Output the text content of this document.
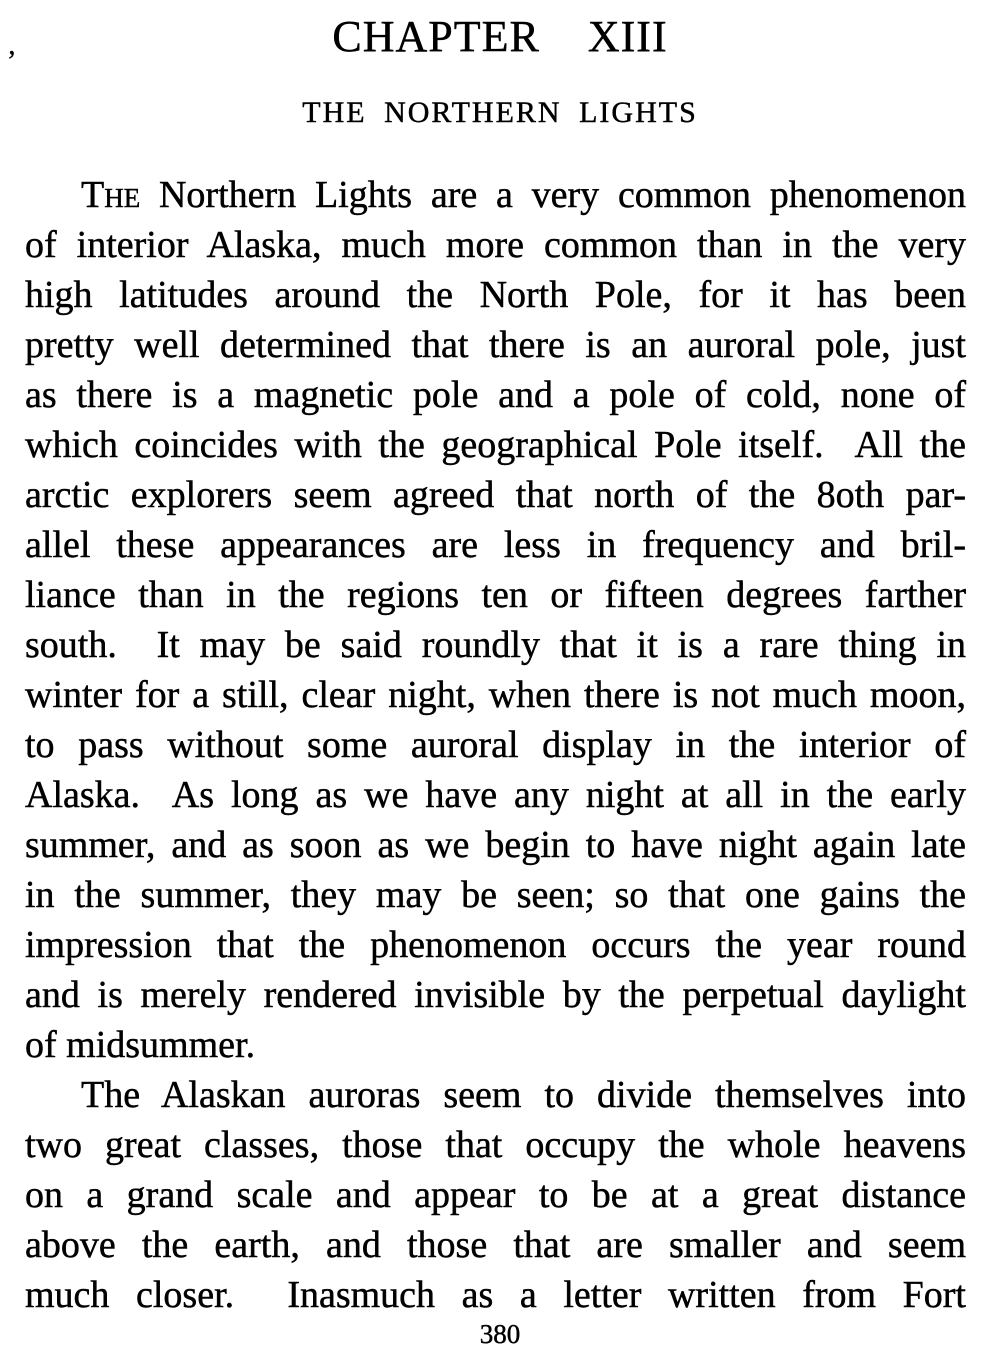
’
CHAPTER XIII
THE NORTHERN LIGHTS
The Northern Lights are a very common phenomenon
of interior Alaska, much more common than in the very
high latitudes around the North Pole, for it has been
pretty well determined that there is an auroral pole, just
as there is a magnetic pole and a pole of cold, none of
which coincides with the geographical Pole itself.  All the
arctic explorers seem agreed that north of the 8oth par-
allel these appearances are less in frequency and bril-
liance than in the regions ten or fifteen degrees farther
south.  It may be said roundly that it is a rare thing in
winter for a still, clear night, when there is not much moon,
to pass without some auroral display in the interior of
Alaska.  As long as we have any night at all in the early
summer, and as soon as we begin to have night again late
in the summer, they may be seen; so that one gains the
impression that the phenomenon occurs the year round
and is merely rendered invisible by the perpetual daylight
of midsummer.
The Alaskan auroras seem to divide themselves into
two great classes, those that occupy the whole heavens
on a grand scale and appear to be at a great distance
above the earth, and those that are smaller and seem
much closer.  Inasmuch as a letter written from Fort
380
